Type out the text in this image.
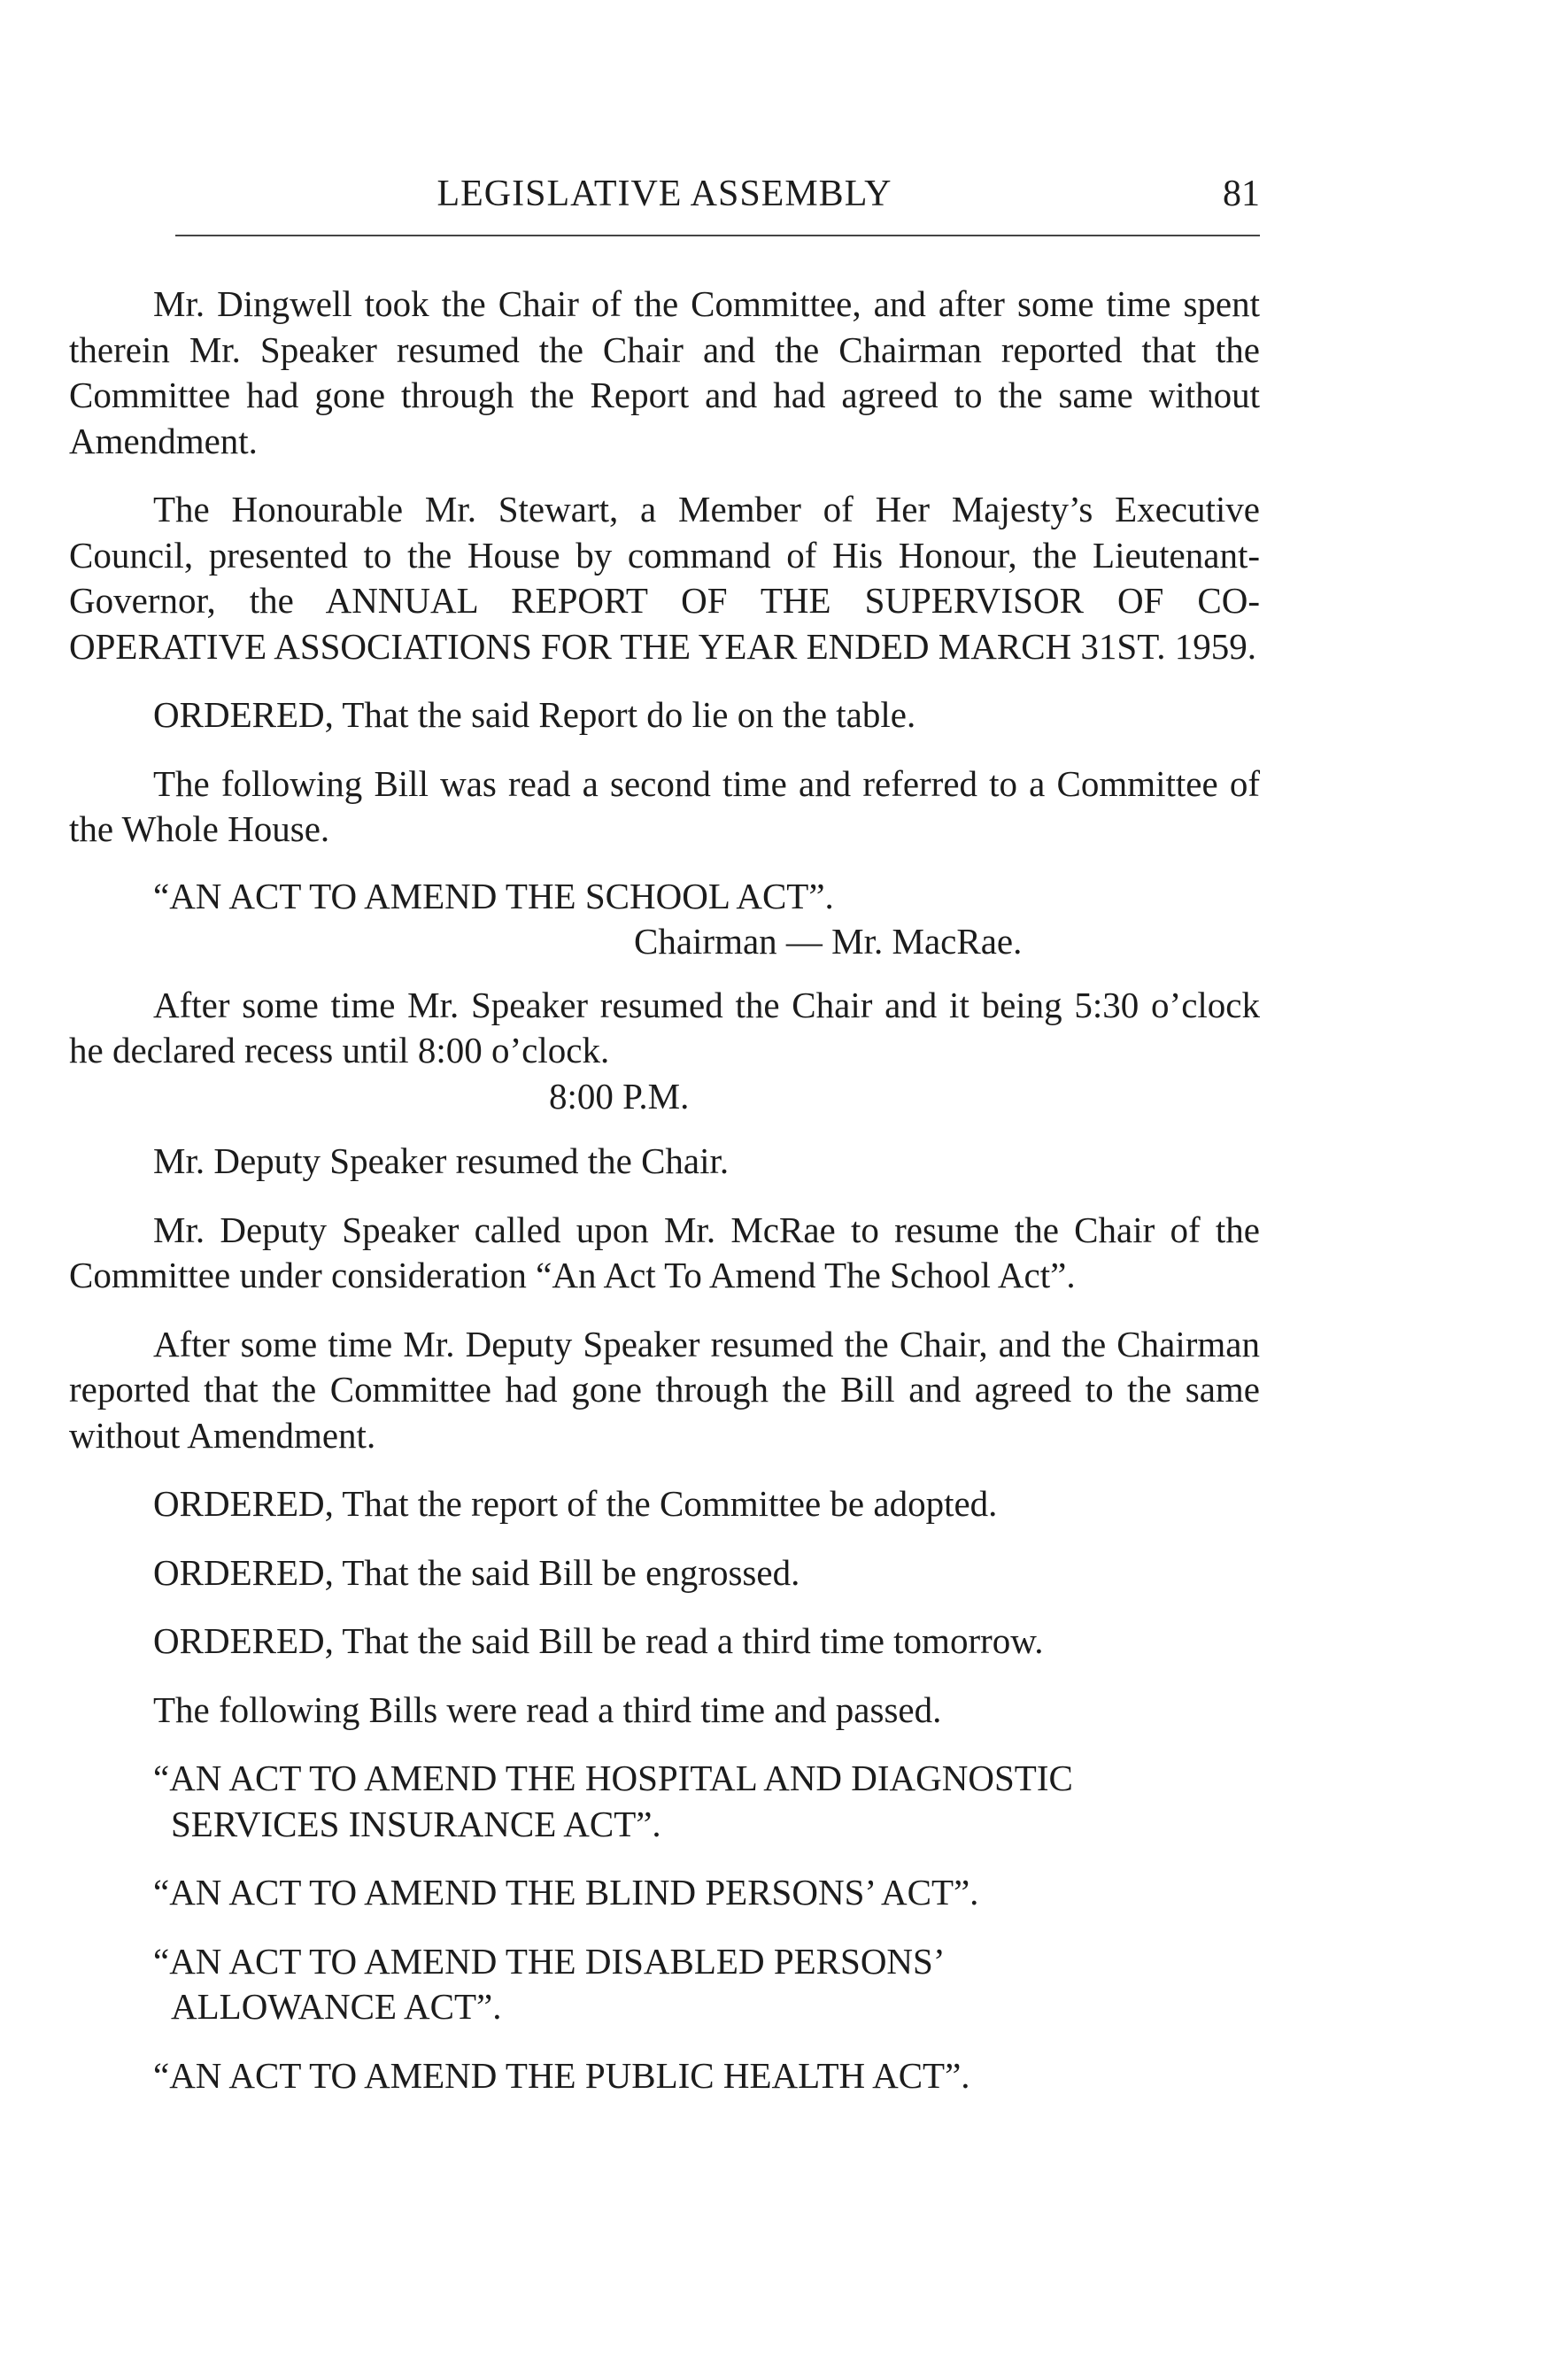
LEGISLATIVE ASSEMBLY	81

Mr. Dingwell took the Chair of the Committee, and after some time spent therein Mr. Speaker resumed the Chair and the Chairman reported that the Committee had gone through the Report and had agreed to the same without Amendment.

The Honourable Mr. Stewart, a Member of Her Majesty’s Executive Council, presented to the House by command of His Honour, the Lieutenant-Governor, the ANNUAL REPORT OF THE SUPERVISOR OF CO-OPERATIVE ASSOCIATIONS FOR THE YEAR ENDED MARCH 31ST. 1959.

ORDERED, That the said Report do lie on the table.

The following Bill was read a second time and referred to a Committee of the Whole House.

“AN ACT TO AMEND THE SCHOOL ACT”.

Chairman — Mr. MacRae.

After some time Mr. Speaker resumed the Chair and it being 5:30 o’clock he declared recess until 8:00 o’clock.

8:00 P.M.

Mr. Deputy Speaker resumed the Chair.

Mr. Deputy Speaker called upon Mr. McRae to resume the Chair of the Committee under consideration “An Act To Amend The School Act”.

After some time Mr. Deputy Speaker resumed the Chair, and the Chairman reported that the Committee had gone through the Bill and agreed to the same without Amendment.

ORDERED, That the report of the Committee be adopted.

ORDERED, That the said Bill be engrossed.

ORDERED, That the said Bill be read a third time tomorrow.

The following Bills were read a third time and passed.

“AN ACT TO AMEND THE HOSPITAL AND DIAGNOSTIC
SERVICES INSURANCE ACT”.

“AN ACT TO AMEND THE BLIND PERSONS’ ACT”.

“AN ACT TO AMEND THE DISABLED PERSONS’
ALLOWANCE ACT”.

“AN ACT TO AMEND THE PUBLIC HEALTH ACT”.
